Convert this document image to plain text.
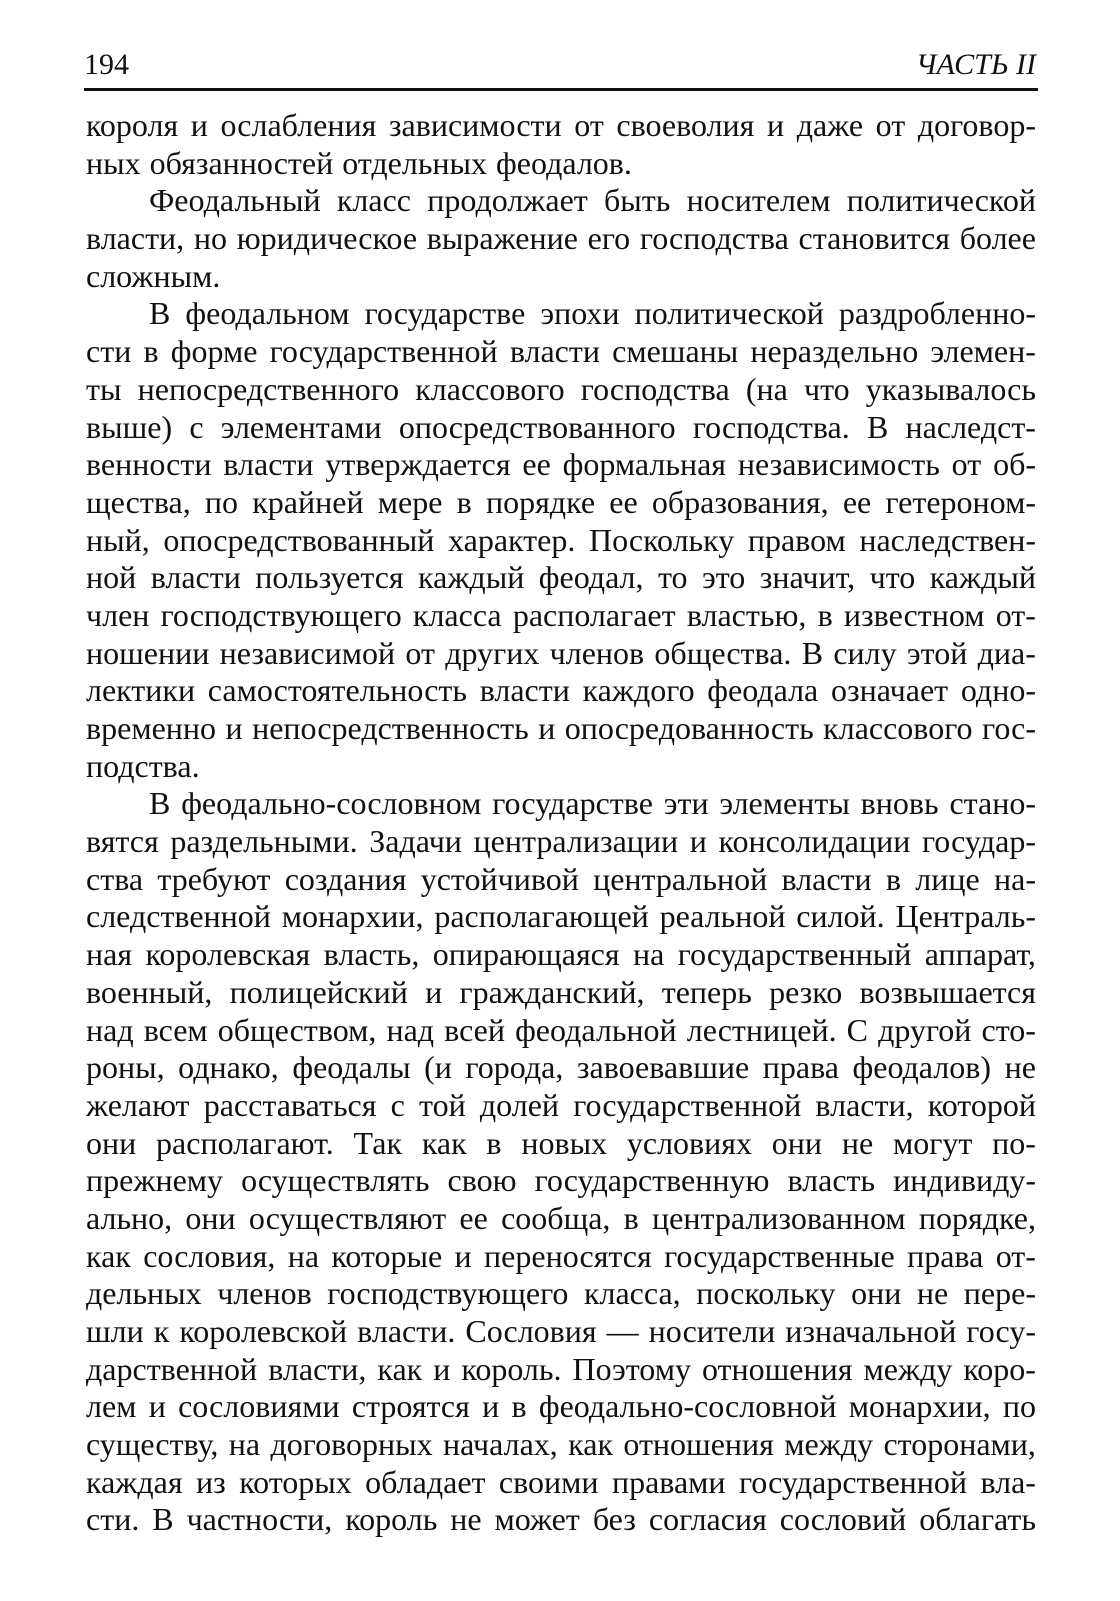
194	ЧАСТЬ II
короля и ослабления зависимости от своеволия и даже от договор-
ных обязанностей отдельных феодалов.
Феодальный класс продолжает быть носителем политической
власти, но юридическое выражение его господства становится более
сложным.
В феодальном государстве эпохи политической раздробленно-
сти в форме государственной власти смешаны нераздельно элемен-
ты непосредственного классового господства (на что указывалось
выше) с элементами опосредствованного господства. В наследст-
венности власти утверждается ее формальная независимость от об-
щества, по крайней мере в порядке ее образования, ее гетероном-
ный, опосредствованный характер. Поскольку правом наследствен-
ной власти пользуется каждый феодал, то это значит, что каждый
член господствующего класса располагает властью, в известном от-
ношении независимой от других членов общества. В силу этой диа-
лектики самостоятельность власти каждого феодала означает одно-
временно и непосредственность и опосредованность классового гос-
подства.
В феодально-сословном государстве эти элементы вновь стано-
вятся раздельными. Задачи централизации и консолидации государ-
ства требуют создания устойчивой центральной власти в лице на-
следственной монархии, располагающей реальной силой. Централь-
ная королевская власть, опирающаяся на государственный аппарат,
военный, полицейский и гражданский, теперь резко возвышается
над всем обществом, над всей феодальной лестницей. С другой сто-
роны, однако, феодалы (и города, завоевавшие права феодалов) не
желают расставаться с той долей государственной власти, которой
они располагают. Так как в новых условиях они не могут по-
прежнему осуществлять свою государственную власть индивиду-
ально, они осуществляют ее сообща, в централизованном порядке,
как сословия, на которые и переносятся государственные права от-
дельных членов господствующего класса, поскольку они не пере-
шли к королевской власти. Сословия — носители изначальной госу-
дарственной власти, как и король. Поэтому отношения между коро-
лем и сословиями строятся и в феодально-сословной монархии, по
существу, на договорных началах, как отношения между сторонами,
каждая из которых обладает своими правами государственной вла-
сти. В частности, король не может без согласия сословий облагать
